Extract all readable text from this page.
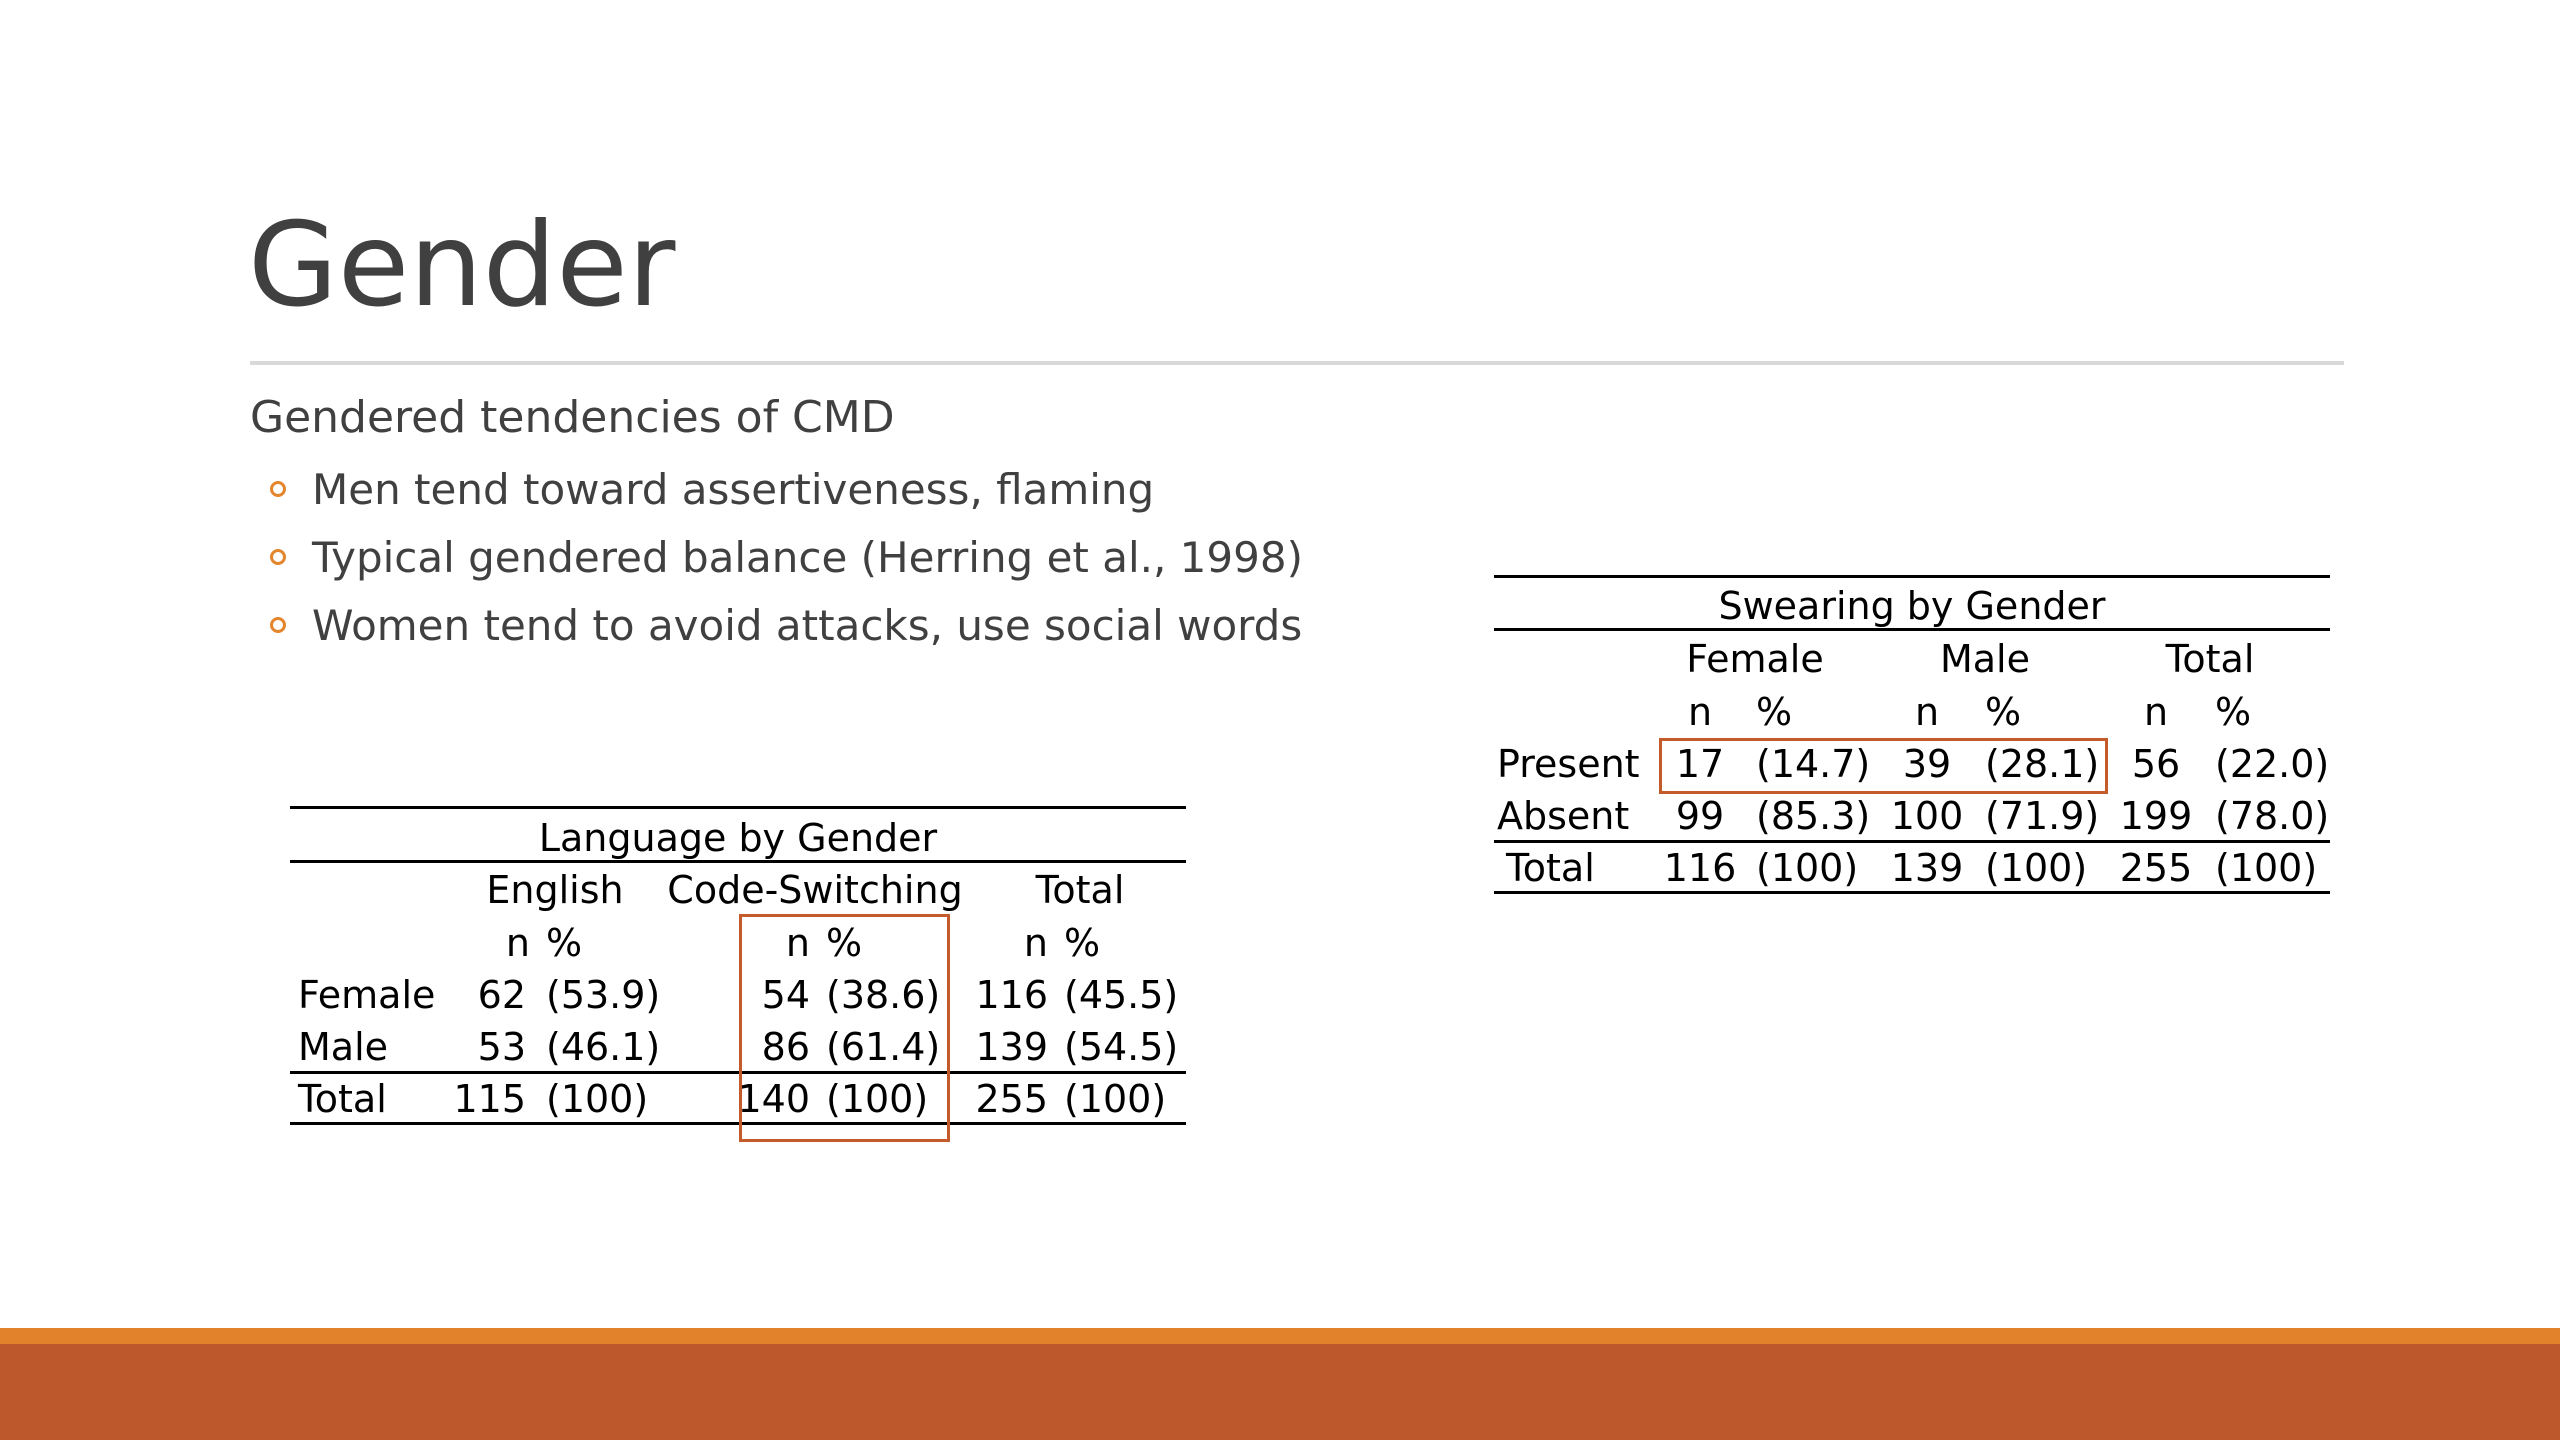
Gender
Gendered tendencies of CMD
Men tend toward assertiveness, flaming
Typical gendered balance (Herring et al., 1998)
Women tend to avoid attacks, use social words
Language by Gender
English	Code-Switching	Total
n %	n %	n %
Female	62 (53.9)	54 (38.6) 116 (45.5)
Male	53 (46.1)	86 (61.4) 139 (54.5)
Total	115 (100)	140 (100)	255 (100)
Swearing by Gender
Female	Male	Total
n %	n %	n %
Present 17 (14.7) 39 (28.1) 56 (22.0)
Absent	99 (85.3) 100 (71.9) 199 (78.0)
Total 116 (100) 139 (100) 255 (100)
